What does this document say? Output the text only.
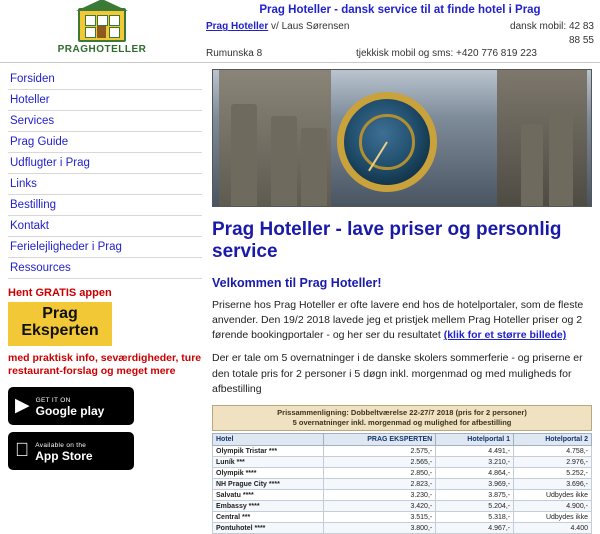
PRAGHOTELLER
Prag Hoteller - dansk service til at finde hotel i Prag
Prag Hoteller v/ Laus Sørensen	dansk mobil: 42 83 88 55
Rumunska 8	tjekkisk mobil og sms: +420 776 819 223
Forsiden
Hoteller
Services
Prag Guide
Udflugter i Prag
Links
Bestilling
Kontakt
Ferielejligheder i Prag
Ressources
Hent GRATIS appen
Prag
Eksperten
med praktisk info, seværdigheder, ture restaurant-forslag og meget mere
▶ GET IT ON
Google play
Available on the
App Store
Prag Hoteller - lave priser og personlig service
Velkommen til Prag Hoteller!
Priserne hos Prag Hoteller er ofte lavere end hos de hotelportaler, som de fleste anvender. Den 19/2 2018 lavede jeg et pristjek mellem Prag Hoteller priser og 2 førende bookingportaler - og her ser du resultatet (klik for et større billede)
Der er tale om 5 overnatninger i de danske skolers sommerferie - og priserne er den totale pris for 2 personer i 5 døgn inkl. morgenmad og med muligheds for afbestilling
Prissammenligning: Dobbeltværelse 22-27/7 2018 (pris for 2 personer)
5 overnatninger inkl. morgenmad og mulighed for afbestilling
Hotel	PRAG EKSPERTEN	Hotelportal 1	Hotelportal 2
Olympik Tristar ***	2.575,-	4.491,-	4.758,-
Luník ***	2.565,-	3.210,-	2.976,-
Olympik ****	2.850,-	4.864,-	5.252,-
NH Prague City ****	2.823,-	3.969,-	3.696,-
Salvatu ****	3.230,-	3.875,-	Udbydes ikke
Embassy ****	3.420,-	5.204,-	4.900,-
Central ***	3.515,-	5.318,-	Udbydes ikke
Pontuhotel ****	3.800,-	4.967,-	4.400
